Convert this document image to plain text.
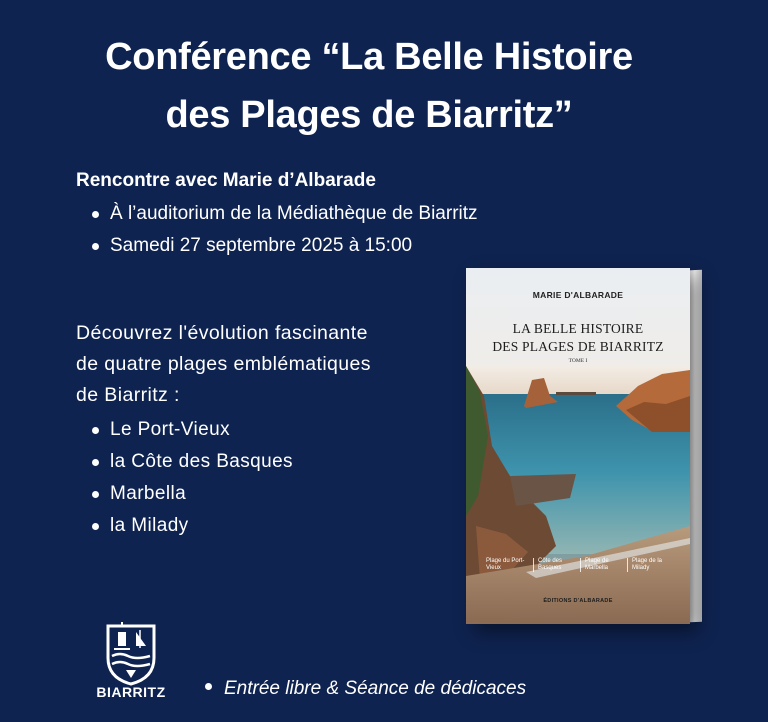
Conférence “La Belle Histoire
des Plages de Biarritz”
Rencontre avec Marie d’Albarade
À l’auditorium de la Médiathèque de Biarritz
Samedi 27 septembre 2025 à 15:00
Découvrez l'évolution fascinante
de quatre plages emblématiques
de Biarritz :
Le Port-Vieux
la Côte des Basques
Marbella
la Milady
MARIE D'ALBARADE
LA BELLE HISTOIRE
DES PLAGES DE BIARRITZ
TOME I
Plage du Port-Vieux
Côte des Basques
Plage de Marbella
Plage de la Milady
ÉDITIONS D'ALBARADE
BIARRITZ	Entrée libre & Séance de dédicaces
